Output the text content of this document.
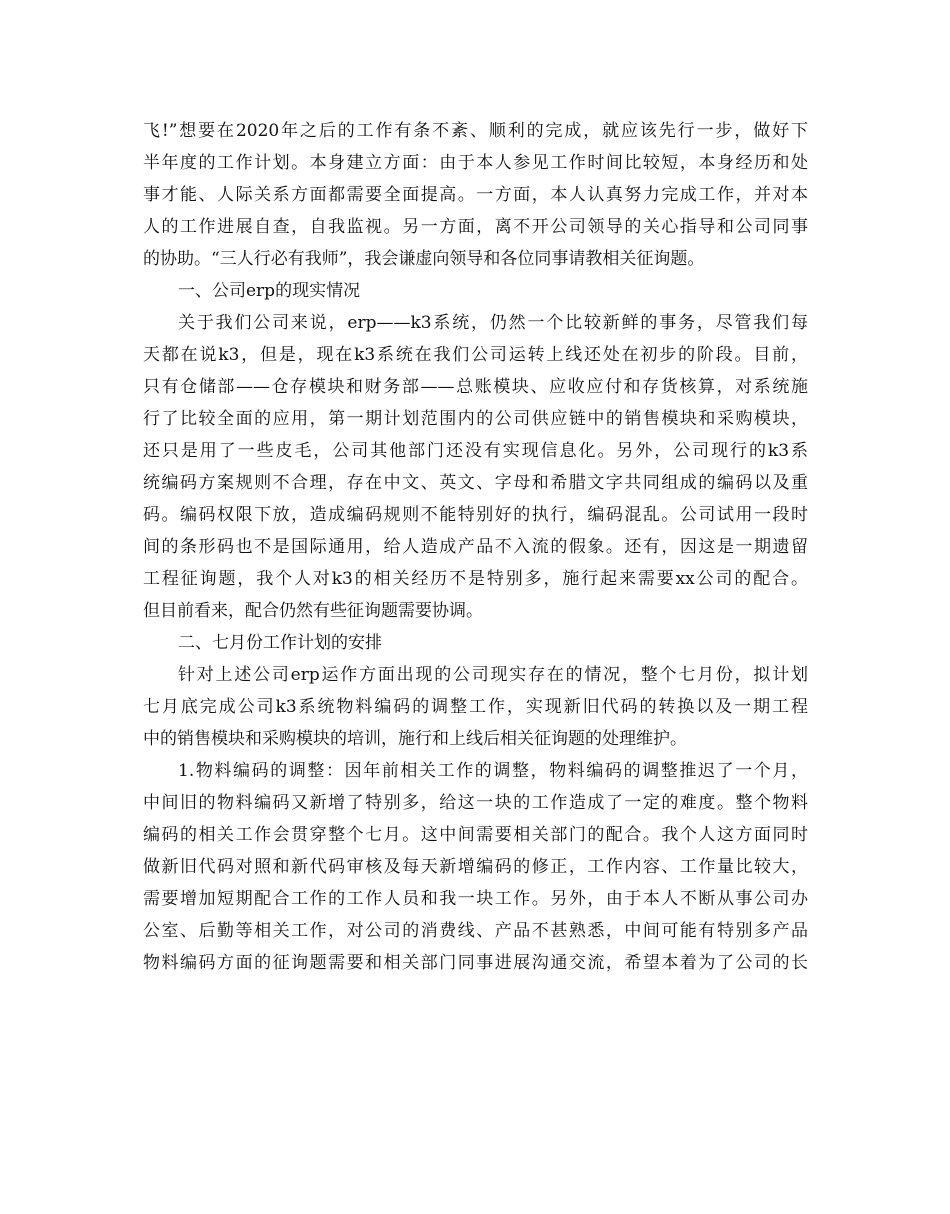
飞!”想要在2020年之后的工作有条不紊、顺利的完成，就应该先行一步，做好下
半年度的工作计划。本身建立方面：由于本人参见工作时间比较短，本身经历和处
事才能、人际关系方面都需要全面提高。一方面，本人认真努力完成工作，并对本
人的工作进展自查，自我监视。另一方面，离不开公司领导的关心指导和公司同事
的协助。“三人行必有我师”，我会谦虚向领导和各位同事请教相关征询题。
一、公司erp的现实情况
关于我们公司来说，erp——k3系统，仍然一个比较新鲜的事务，尽管我们每
天都在说k3，但是，现在k3系统在我们公司运转上线还处在初步的阶段。目前，
只有仓储部——仓存模块和财务部——总账模块、应收应付和存货核算，对系统施
行了比较全面的应用，第一期计划范围内的公司供应链中的销售模块和采购模块，
还只是用了一些皮毛，公司其他部门还没有实现信息化。另外，公司现行的k3系
统编码方案规则不合理，存在中文、英文、字母和希腊文字共同组成的编码以及重
码。编码权限下放，造成编码规则不能特别好的执行，编码混乱。公司试用一段时
间的条形码也不是国际通用，给人造成产品不入流的假象。还有，因这是一期遗留
工程征询题，我个人对k3的相关经历不是特别多，施行起来需要xx公司的配合。
但目前看来，配合仍然有些征询题需要协调。
二、七月份工作计划的安排
针对上述公司erp运作方面出现的公司现实存在的情况，整个七月份，拟计划
七月底完成公司k3系统物料编码的调整工作，实现新旧代码的转换以及一期工程
中的销售模块和采购模块的培训，施行和上线后相关征询题的处理维护。
1.物料编码的调整：因年前相关工作的调整，物料编码的调整推迟了一个月，
中间旧的物料编码又新增了特别多，给这一块的工作造成了一定的难度。整个物料
编码的相关工作会贯穿整个七月。这中间需要相关部门的配合。我个人这方面同时
做新旧代码对照和新代码审核及每天新增编码的修正，工作内容、工作量比较大，
需要增加短期配合工作的工作人员和我一块工作。另外，由于本人不断从事公司办
公室、后勤等相关工作，对公司的消费线、产品不甚熟悉，中间可能有特别多产品
物料编码方面的征询题需要和相关部门同事进展沟通交流，希望本着为了公司的长
